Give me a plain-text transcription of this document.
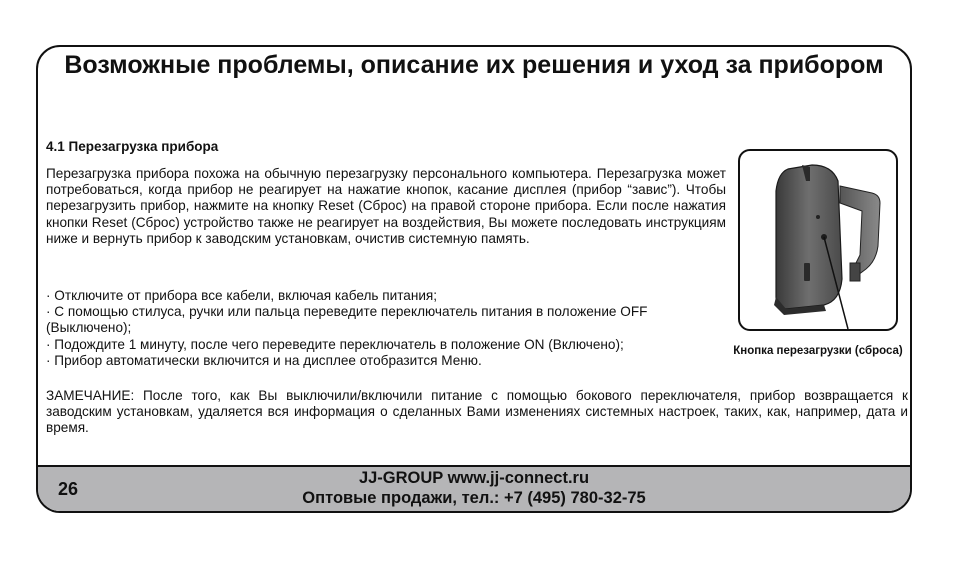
Возможные проблемы, описание их решения и уход за прибором
4.1 Перезагрузка прибора

Перезагрузка прибора похожа на обычную перезагрузку персонального компьютера. Перезагрузка может потребоваться, когда прибор не реагирует на нажатие кнопок, касание дисплея (прибор “завис”). Чтобы перезагрузить прибор, нажмите на кнопку Reset (Сброс) на правой стороне прибора. Если после нажатия кнопки Reset (Сброс) устройство также не реагирует на воздействия, Вы можете последовать инструкциям ниже и вернуть прибор к заводским установкам, очистив системную память.

· Отключите от прибора все кабели, включая кабель питания;
· С помощью стилуса, ручки или пальца переведите переключатель питания в положение OFF (Выключено);
· Подождите 1 минуту, после чего переведите переключатель в положение ON (Включено);
· Прибор автоматически включится и на дисплее отобразится Меню.

ЗАМЕЧАНИЕ: После того, как Вы выключили/включили питание с помощью бокового переключателя, прибор возвращается к заводским установкам, удаляется вся информация о сделанных Вами изменениях системных настроек, таких, как, например, дата и время.

Кнопка перезагрузки (сброса)
26
JJ-GROUP www.jj-connect.ru
Оптовые продажи, тел.: +7 (495) 780-32-75
